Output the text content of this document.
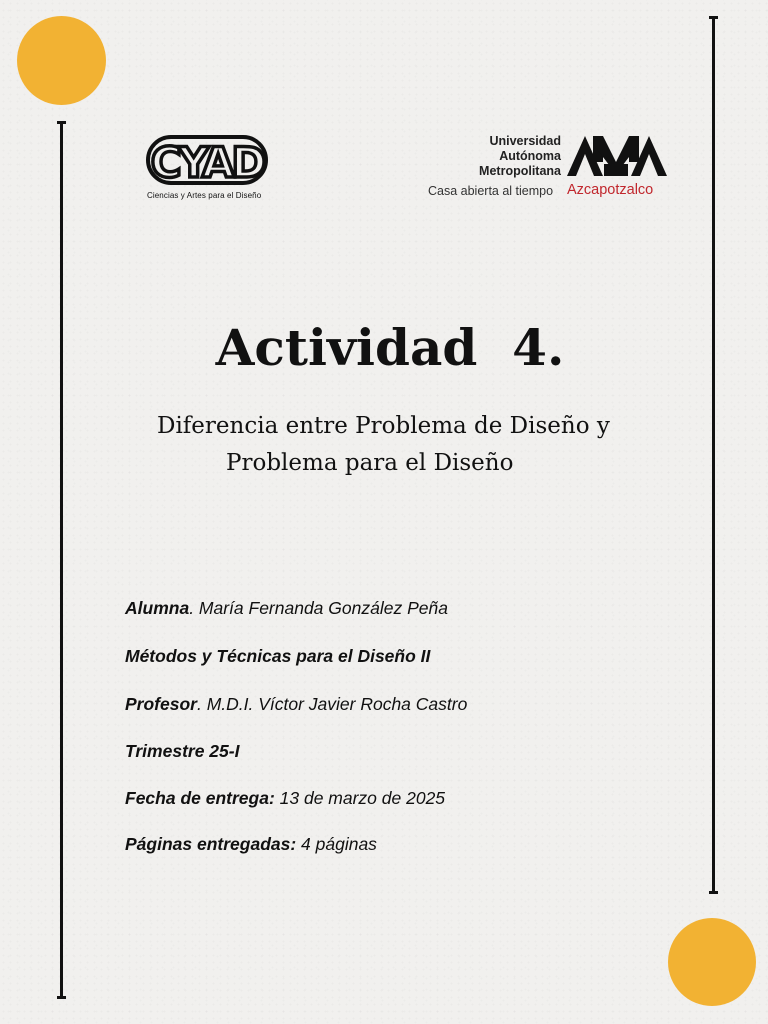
CYAD
Ciencias y Artes para el Diseño
Universidad
Autónoma
Metropolitana
Casa abierta al tiempo Azcapotzalco
Actividad  4.

Diferencia entre Problema de Diseño y Problema para el Diseño

Alumna. María Fernanda González Peña
Métodos y Técnicas para el Diseño II
Profesor. M.D.I. Víctor Javier Rocha Castro
Trimestre 25-I
Fecha de entrega: 13 de marzo de 2025
Páginas entregadas: 4 páginas
